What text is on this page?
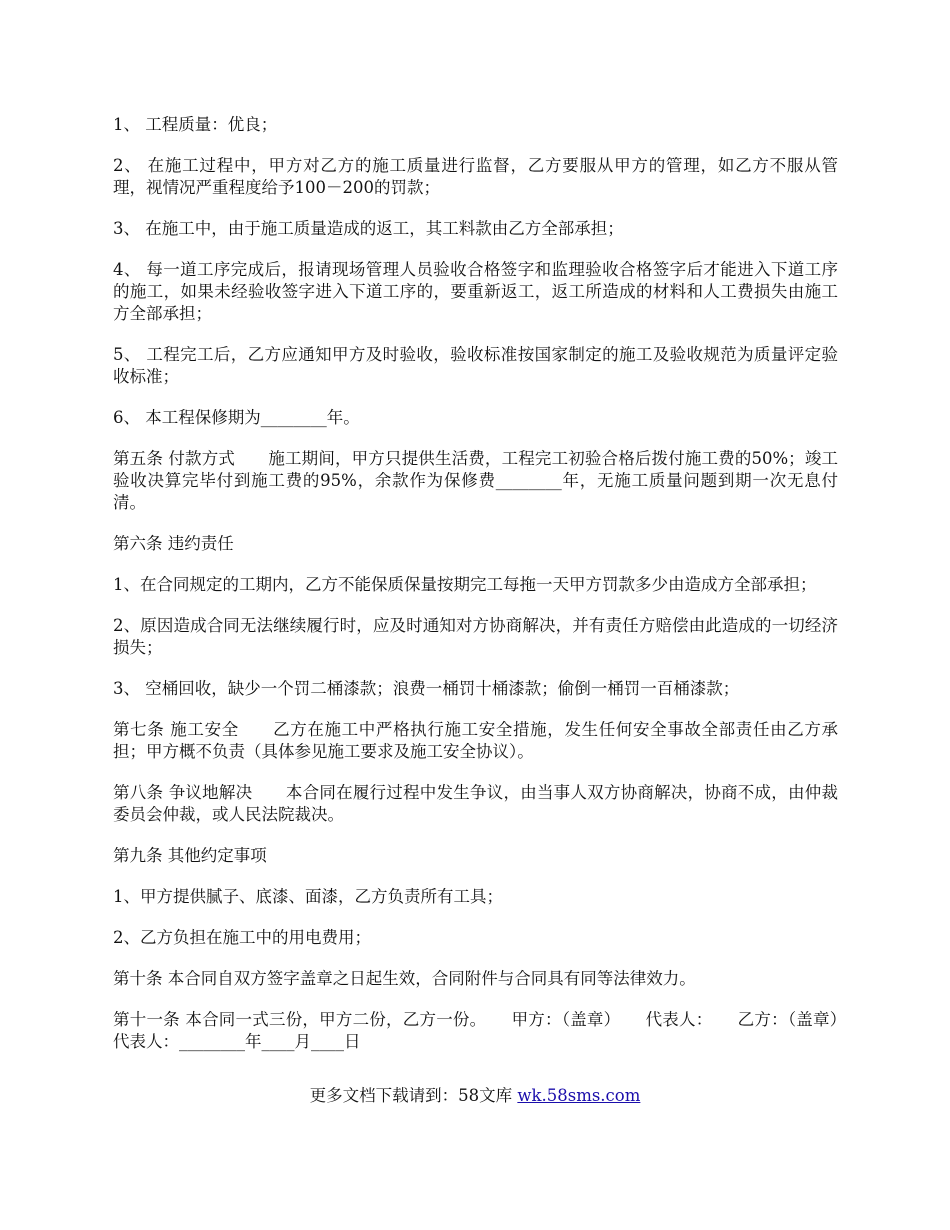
1、 工程质量：优良；

2、 在施工过程中，甲方对乙方的施工质量进行监督，乙方要服从甲方的管理，如乙方不服从管理，视情况严重程度给予100－200的罚款；

3、 在施工中，由于施工质量造成的返工，其工料款由乙方全部承担；

4、 每一道工序完成后，报请现场管理人员验收合格签字和监理验收合格签字后才能进入下道工序的施工，如果未经验收签字进入下道工序的，要重新返工，返工所造成的材料和人工费损失由施工方全部承担；

5、 工程完工后，乙方应通知甲方及时验收，验收标准按国家制定的施工及验收规范为质量评定验收标准；

6、 本工程保修期为________年。

第五条 付款方式　　施工期间，甲方只提供生活费，工程完工初验合格后拨付施工费的50%；竣工验收决算完毕付到施工费的95%，余款作为保修费________年，无施工质量问题到期一次无息付清。

第六条 违约责任

1、在合同规定的工期内，乙方不能保质保量按期完工每拖一天甲方罚款多少由造成方全部承担；

2、原因造成合同无法继续履行时，应及时通知对方协商解决，并有责任方赔偿由此造成的一切经济损失；

3、 空桶回收，缺少一个罚二桶漆款；浪费一桶罚十桶漆款；偷倒一桶罚一百桶漆款；

第七条 施工安全　　乙方在施工中严格执行施工安全措施，发生任何安全事故全部责任由乙方承担；甲方概不负责（具体参见施工要求及施工安全协议）。

第八条 争议地解决　　本合同在履行过程中发生争议，由当事人双方协商解决，协商不成，由仲裁委员会仲裁，或人民法院裁决。

第九条 其他约定事项

1、甲方提供腻子、底漆、面漆，乙方负责所有工具；

2、乙方负担在施工中的用电费用；

第十条 本合同自双方签字盖章之日起生效，合同附件与合同具有同等法律效力。

第十一条 本合同一式三份，甲方二份，乙方一份。　　甲方：（盖章）　　代表人：　　乙方：（盖章）　　代表人：________年____月____日

更多文档下载请到：58文库 wk.58sms.com
